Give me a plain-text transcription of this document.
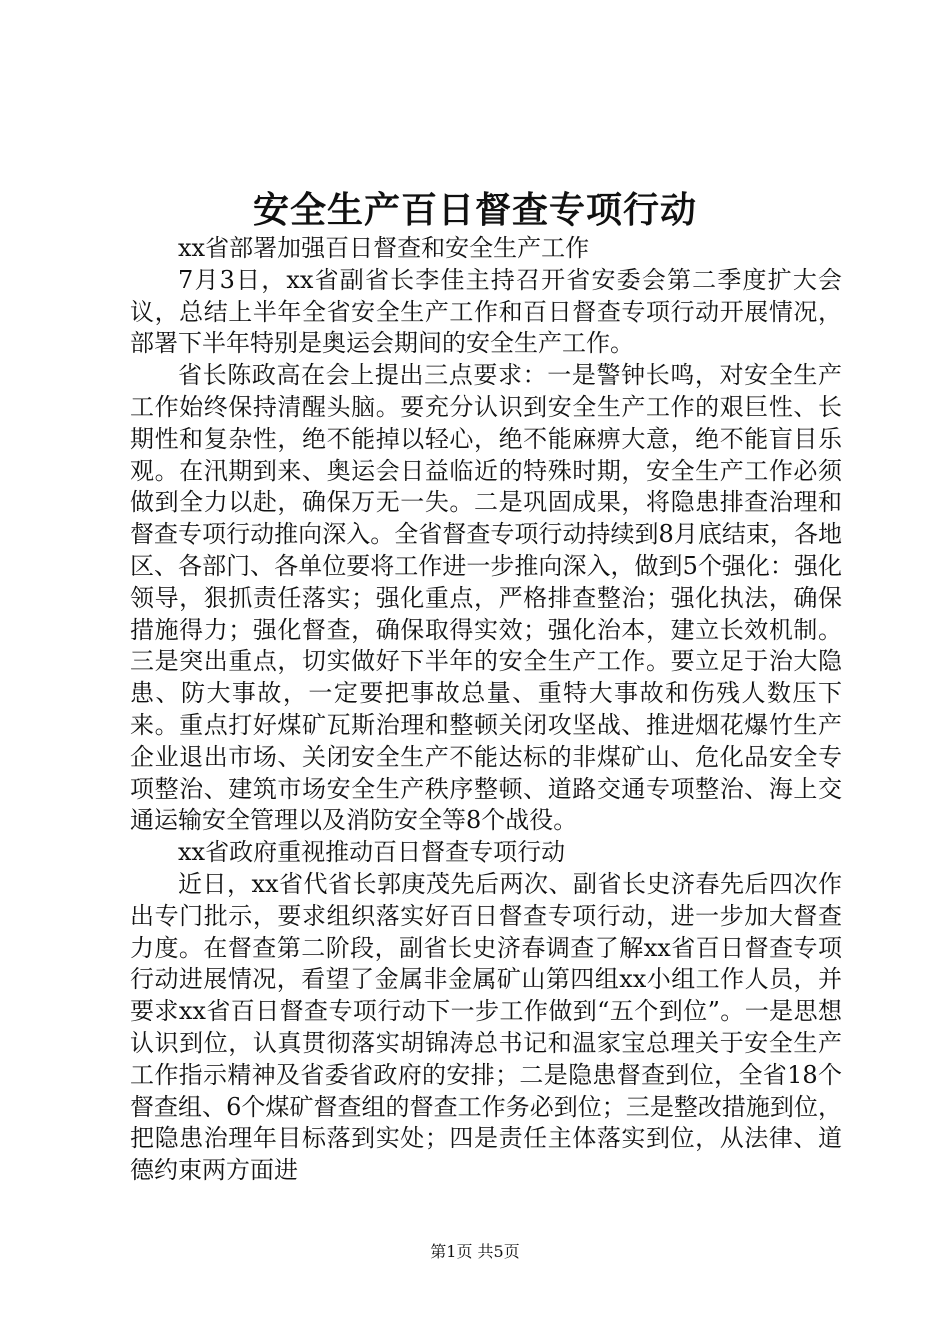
安全生产百日督查专项行动

xx省部署加强百日督查和安全生产工作

7月3日，xx省副省长李佳主持召开省安委会第二季度扩大会议，总结上半年全省安全生产工作和百日督查专项行动开展情况，部署下半年特别是奥运会期间的安全生产工作。

省长陈政高在会上提出三点要求：一是警钟长鸣，对安全生产工作始终保持清醒头脑。要充分认识到安全生产工作的艰巨性、长期性和复杂性，绝不能掉以轻心，绝不能麻痹大意，绝不能盲目乐观。在汛期到来、奥运会日益临近的特殊时期，安全生产工作必须做到全力以赴，确保万无一失。二是巩固成果，将隐患排查治理和督查专项行动推向深入。全省督查专项行动持续到8月底结束，各地区、各部门、各单位要将工作进一步推向深入，做到5个强化：强化领导，狠抓责任落实；强化重点，严格排查整治；强化执法，确保措施得力；强化督查，确保取得实效；强化治本，建立长效机制。三是突出重点，切实做好下半年的安全生产工作。要立足于治大隐患、防大事故，一定要把事故总量、重特大事故和伤残人数压下来。重点打好煤矿瓦斯治理和整顿关闭攻坚战、推进烟花爆竹生产企业退出市场、关闭安全生产不能达标的非煤矿山、危化品安全专项整治、建筑市场安全生产秩序整顿、道路交通专项整治、海上交通运输安全管理以及消防安全等8个战役。

xx省政府重视推动百日督查专项行动

近日，xx省代省长郭庚茂先后两次、副省长史济春先后四次作出专门批示，要求组织落实好百日督查专项行动，进一步加大督查力度。在督查第二阶段，副省长史济春调查了解xx省百日督查专项行动进展情况，看望了金属非金属矿山第四组xx小组工作人员，并要求xx省百日督查专项行动下一步工作做到“五个到位”。一是思想认识到位，认真贯彻落实胡锦涛总书记和温家宝总理关于安全生产工作指示精神及省委省政府的安排；二是隐患督查到位，全省18个督查组、6个煤矿督查组的督查工作务必到位；三是整改措施到位，把隐患治理年目标落到实处；四是责任主体落实到位，从法律、道德约束两方面进

第1页 共5页
